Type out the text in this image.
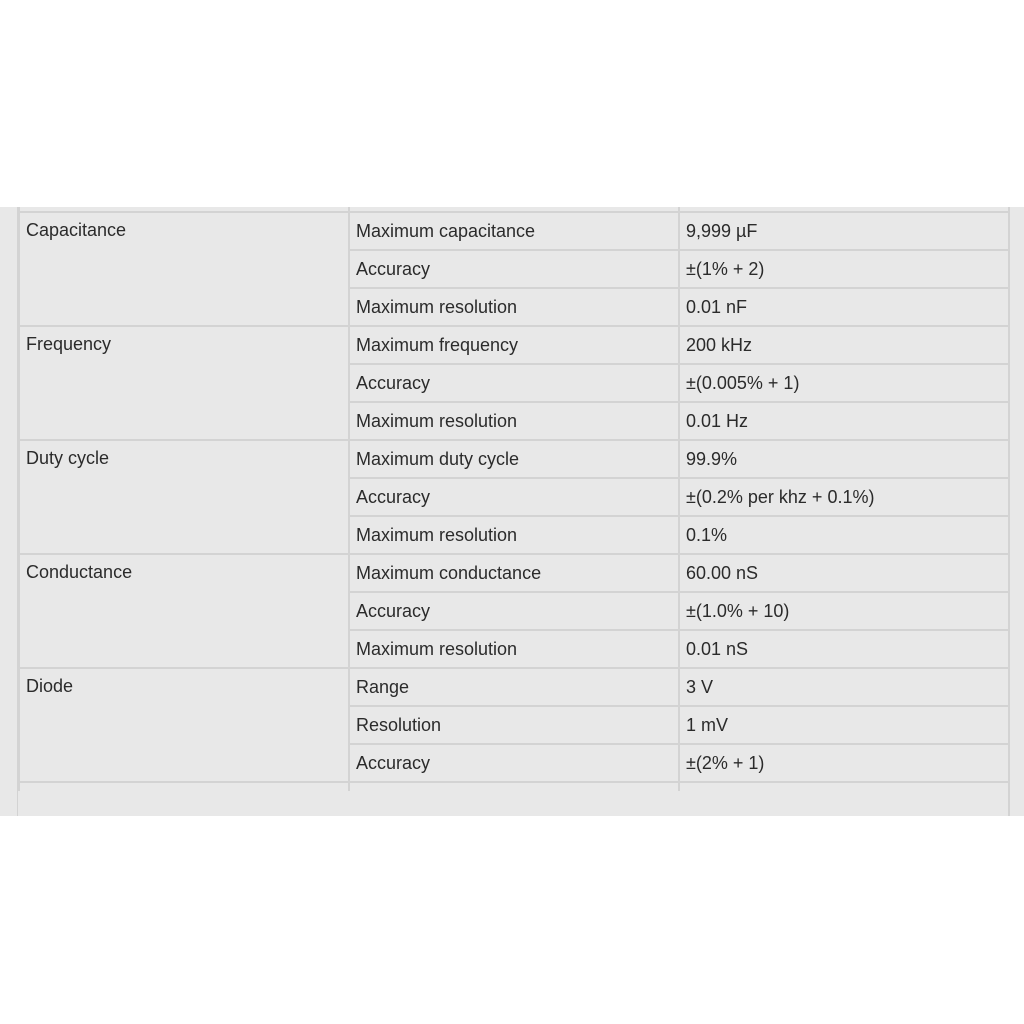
Capacitance	Maximum capacitance	9,999 µF
	Accuracy	±(1% + 2)
	Maximum resolution	0.01 nF
Frequency	Maximum frequency	200 kHz
	Accuracy	±(0.005% + 1)
	Maximum resolution	0.01 Hz
Duty cycle	Maximum duty cycle	99.9%
	Accuracy	±(0.2% per khz + 0.1%)
	Maximum resolution	0.1%
Conductance	Maximum conductance	60.00 nS
	Accuracy	±(1.0% + 10)
	Maximum resolution	0.01 nS
Diode	Range	3 V
	Resolution	1 mV
	Accuracy	±(2% + 1)
